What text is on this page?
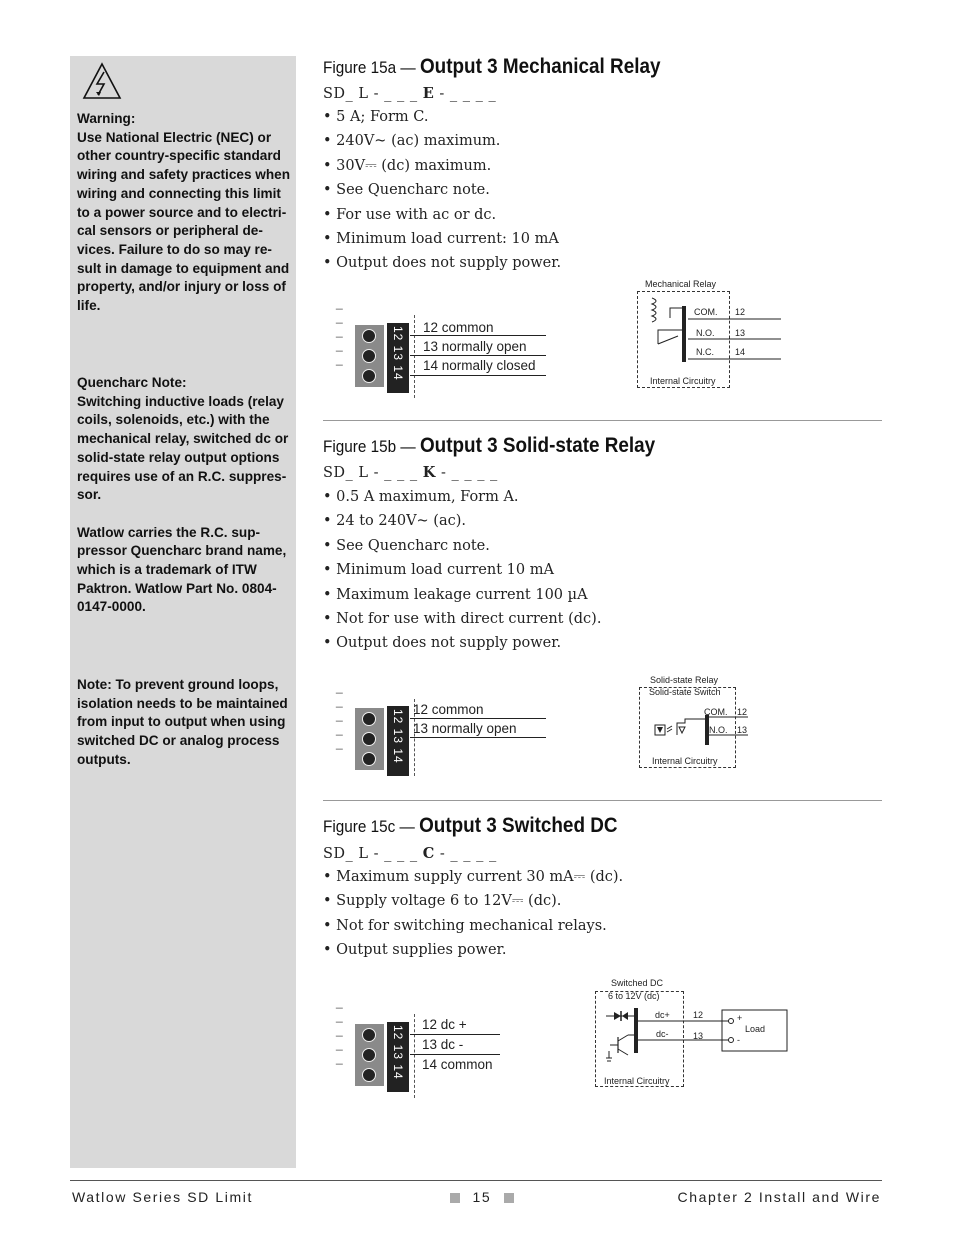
Warning:
Use National Electric (NEC) or other country-specific standard wiring and safety practices when wiring and connecting this limit to a power source and to electri-cal sensors or peripheral de-vices. Failure to do so may re-sult in damage to equipment and property, and/or injury or loss of life.
Quencharc Note:
Switching inductive loads (relay coils, solenoids, etc.) with the mechanical relay, switched dc or solid-state relay output options requires use of an R.C. suppres-sor.

Watlow carries the R.C. sup-pressor Quencharc brand name, which is a trademark of ITW Paktron. Watlow Part No. 0804-0147-0000.
Note: To prevent ground loops, isolation needs to be maintained from input to output when using switched DC or analog process outputs.
Figure 15a — Output 3 Mechanical Relay
SD_ L - _ _ _ E - _ _ _ _
• 5 A; Form C.
• 240V~ (ac) maximum.
• 30V⎓ (dc) maximum.
• See Quencharc note.
• For use with ac or dc.
• Minimum load current: 10 mA
• Output does not supply power.
_ _ _ _ _	12 13 14 12 common
13 normally open
14 normally closed
Mechanical Relay
COM.
N.O.
N.C.
12
13
14
Internal Circuitry
Figure 15b — Output 3 Solid-state Relay
SD_ L - _ _ _ K - _ _ _ _
• 0.5 A maximum, Form A.
• 24 to 240V~ (ac).
• See Quencharc note.
• Minimum load current 10 mA
• Maximum leakage current 100 µA
• Not for use with direct current (dc).
• Output does not supply power.
_ _ _ _ _	12 13 14 12 common
13 normally open
Solid-state Relay
Solid-state Switch
COM.
N.O.
12
13
Internal Circuitry
Figure 15c — Output 3 Switched DC
SD_ L - _ _ _ C - _ _ _ _
• Maximum supply current 30 mA⎓ (dc).
• Supply voltage 6 to 12V⎓ (dc).
• Not for switching mechanical relays.
• Output supplies power.
_ _ _ _ _	12 13 14
12 dc +
13 dc -
14 common
Switched DC
6 to 12V (dc)
dc+
dc-
12
13
+
-
Load
Internal Circuitry
Watlow Series SD Limit	15	Chapter 2 Install and Wire
